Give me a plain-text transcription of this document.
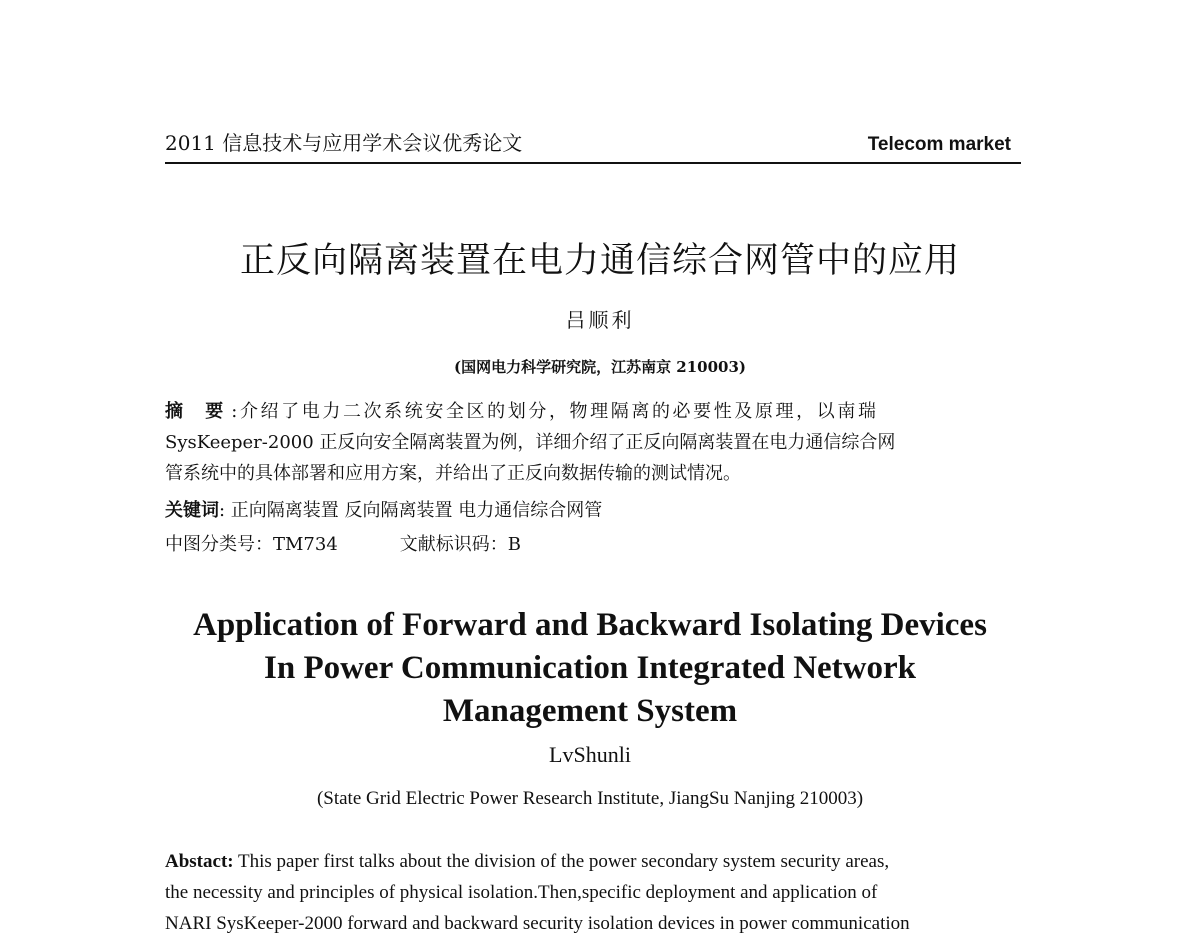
2011 信息技术与应用学术会议优秀论文	Telecom market
正反向隔离装置在电力通信综合网管中的应用
吕顺利
(国网电力科学研究院，江苏南京 210003)
摘 要:介绍了电力二次系统安全区的划分，物理隔离的必要性及原理，以南瑞
SysKeeper-2000 正反向安全隔离装置为例，详细介绍了正反向隔离装置在电力通信综合网
管系统中的具体部署和应用方案，并给出了正反向数据传输的测试情况。
关键词: 正向隔离装置 反向隔离装置 电力通信综合网管
中图分类号：TM734	文献标识码：B
Application of Forward and Backward Isolating Devices
In Power Communication Integrated Network
Management System
LvShunli
(State Grid Electric Power Research Institute, JiangSu Nanjing 210003)
Abstact: This paper first talks about the division of the power secondary system security areas,
the necessity and principles of physical isolation.Then,specific deployment and application of
NARI SysKeeper-2000 forward and backward security isolation devices in power communication
